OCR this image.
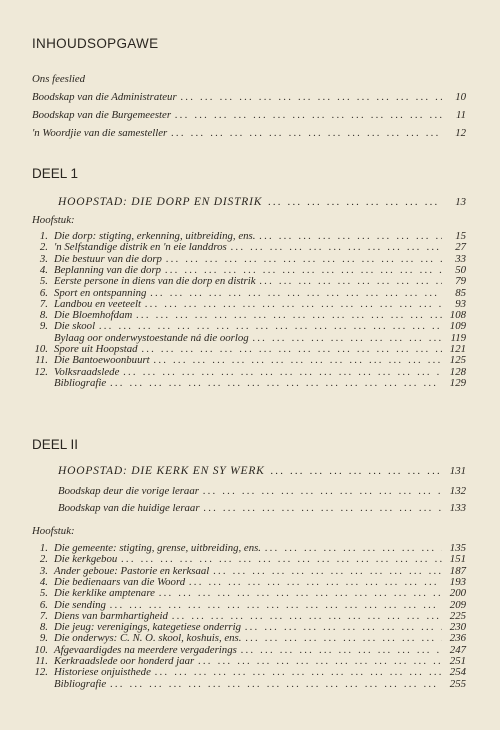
INHOUDSOPGAWE
Ons feeslied
Boodskap van die Administrateur ... .	10
Boodskap van die Burgemeester ... .	11
'n Woordjie van die samesteller ... .	12
DEEL 1
HOOPSTAD: DIE DORP EN DISTRIK ... .	13
Hoofstuk:
1. Die dorp: stigting, erkenning, uitbreiding, ens. ... .	15
2. 'n Selfstandige distrik en 'n eie landdros ... .	27
3. Die bestuur van die dorp ... .	33
4. Beplanning van die dorp ... .	50
5. Eerste persone in diens van die dorp en distrik ... .	79
6. Sport en ontspanning ... .	85
7. Landbou en veeteelt ... .	93
8. Die Bloemhofdam ... .	108
9. Die skool ... .	109
Bylaag oor onderwystoestande ná die oorlog ... .	119
10. Spore uit Hoopstad ... .	121
11. Die Bantoewoonbuurt ... .	125
12. Volksraadslede ... .	128
Bibliografie ... .	129
DEEL II
HOOPSTAD: DIE KERK EN SY WERK ... .	131
Boodskap deur die vorige leraar ... .	132
Boodskap van die huidige leraar ... .	133
Hoofstuk:
1. Die gemeente: stigting, grense, uitbreiding, ens. ... .	135
2. Die kerkgebou ... .	151
3. Ander geboue: Pastorie en kerksaal ... .	187
4. Die bedienaars van die Woord ... .	193
5. Die kerklike amptenare ... .	200
6. Die sending ... .	209
7. Diens van barmhartigheid ... .	225
8. Die jeug: verenigings, kategetiese onderrig ... .	230
9. Die onderwys: C. N. O. skool, koshuis, ens. ... .	236
10. Afgevaardigdes na meerdere vergaderings ... .	247
11. Kerkraadslede oor honderd jaar ... .	251
12. Historiese onjuisthede ... .	254
Bibliografie ... .	255
